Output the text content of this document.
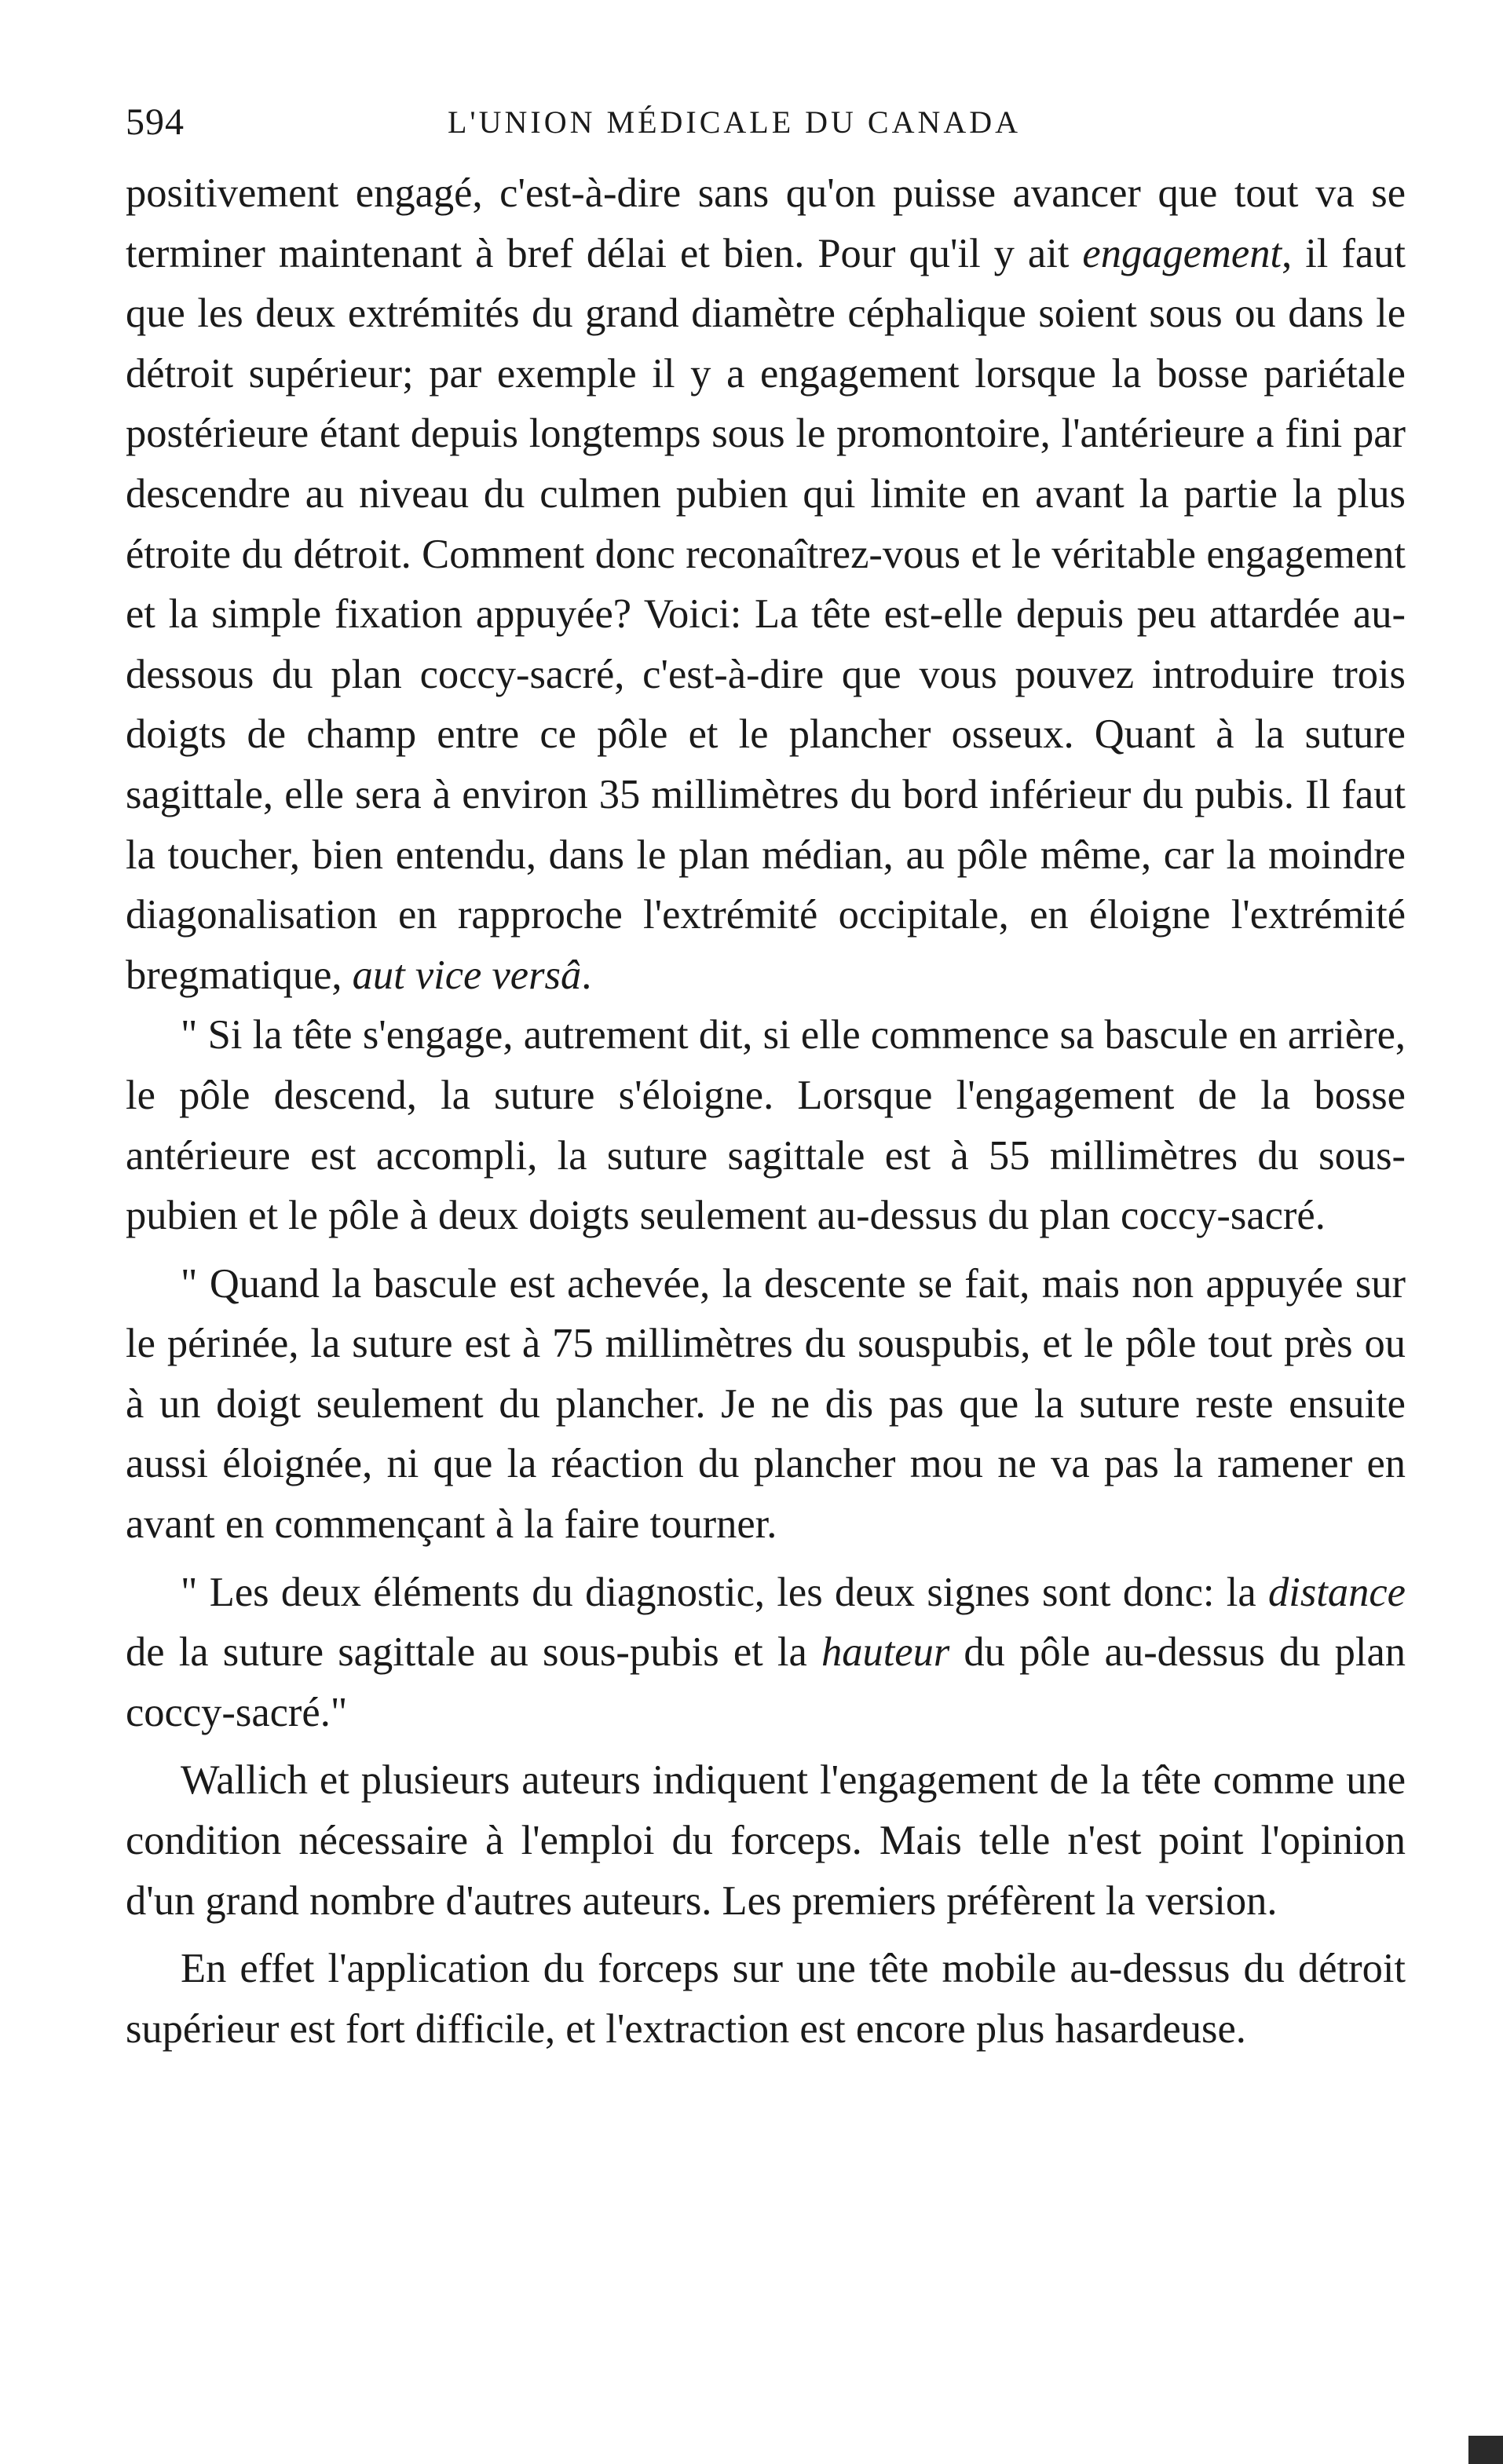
594	L'UNION MÉDICALE DU CANADA

positivement engagé, c'est-à-dire sans qu'on puisse avancer que tout va se terminer maintenant à bref délai et bien. Pour qu'il y ait engagement, il faut que les deux extrémités du grand diamètre céphalique soient sous ou dans le détroit supérieur; par exemple il y a engagement lorsque la bosse pariétale postérieure étant depuis longtemps sous le promontoire, l'antérieure a fini par descendre au niveau du culmen pubien qui limite en avant la partie la plus étroite du détroit. Comment donc reconaîtrez-vous et le véritable engagement et la simple fixation appuyée? Voici: La tête est-elle depuis peu attardée au-dessous du plan coccy-sacré, c'est-à-dire que vous pouvez introduire trois doigts de champ entre ce pôle et le plancher osseux. Quant à la suture sagittale, elle sera à environ 35 millimètres du bord inférieur du pubis. Il faut la toucher, bien entendu, dans le plan médian, au pôle même, car la moindre diagonalisation en rapproche l'extrémité occipitale, en éloigne l'extrémité bregmatique, aut vice versâ.

" Si la tête s'engage, autrement dit, si elle commence sa bascule en arrière, le pôle descend, la suture s'éloigne. Lorsque l'engagement de la bosse antérieure est accompli, la suture sagittale est à 55 millimètres du sous-pubien et le pôle à deux doigts seulement au-dessus du plan coccy-sacré.

" Quand la bascule est achevée, la descente se fait, mais non appuyée sur le périnée, la suture est à 75 millimètres du souspubis, et le pôle tout près ou à un doigt seulement du plancher. Je ne dis pas que la suture reste ensuite aussi éloignée, ni que la réaction du plancher mou ne va pas la ramener en avant en commençant à la faire tourner.

" Les deux éléments du diagnostic, les deux signes sont donc: la distance de la suture sagittale au sous-pubis et la hauteur du pôle au-dessus du plan coccy-sacré."

Wallich et plusieurs auteurs indiquent l'engagement de la tête comme une condition nécessaire à l'emploi du forceps. Mais telle n'est point l'opinion d'un grand nombre d'autres auteurs. Les premiers préfèrent la version.

En effet l'application du forceps sur une tête mobile au-dessus du détroit supérieur est fort difficile, et l'extraction est encore plus hasardeuse.
